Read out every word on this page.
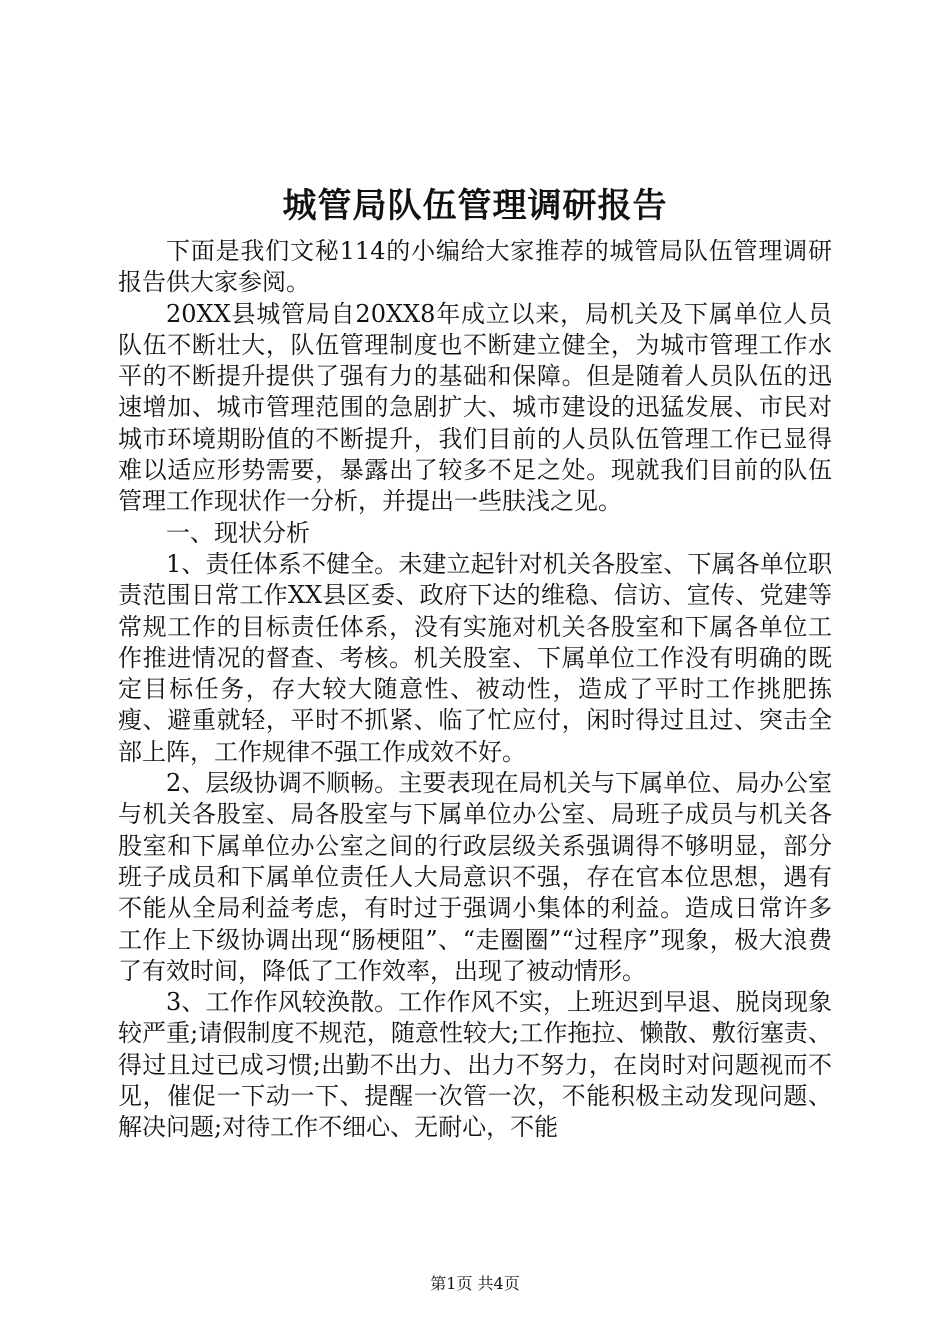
城管局队伍管理调研报告

下面是我们文秘114的小编给大家推荐的城管局队伍管理调研报告供大家参阅。

20XX县城管局自20XX8年成立以来，局机关及下属单位人员队伍不断壮大，队伍管理制度也不断建立健全，为城市管理工作水平的不断提升提供了强有力的基础和保障。但是随着人员队伍的迅速增加、城市管理范围的急剧扩大、城市建设的迅猛发展、市民对城市环境期盼值的不断提升，我们目前的人员队伍管理工作已显得难以适应形势需要，暴露出了较多不足之处。现就我们目前的队伍管理工作现状作一分析，并提出一些肤浅之见。

一、现状分析

1、责任体系不健全。未建立起针对机关各股室、下属各单位职责范围日常工作XX县区委、政府下达的维稳、信访、宣传、党建等常规工作的目标责任体系，没有实施对机关各股室和下属各单位工作推进情况的督查、考核。机关股室、下属单位工作没有明确的既定目标任务，存大较大随意性、被动性，造成了平时工作挑肥拣瘦、避重就轻，平时不抓紧、临了忙应付，闲时得过且过、突击全部上阵，工作规律不强工作成效不好。

2、层级协调不顺畅。主要表现在局机关与下属单位、局办公室与机关各股室、局各股室与下属单位办公室、局班子成员与机关各股室和下属单位办公室之间的行政层级关系强调得不够明显，部分班子成员和下属单位责任人大局意识不强，存在官本位思想，遇有不能从全局利益考虑，有时过于强调小集体的利益。造成日常许多工作上下级协调出现“肠梗阻”、“走圈圈”“过程序”现象，极大浪费了有效时间，降低了工作效率，出现了被动情形。

3、工作作风较涣散。工作作风不实，上班迟到早退、脱岗现象较严重;请假制度不规范，随意性较大;工作拖拉、懒散、敷衍塞责、得过且过已成习惯;出勤不出力、出力不努力，在岗时对问题视而不见，催促一下动一下、提醒一次管一次，不能积极主动发现问题、解决问题;对待工作不细心、无耐心，不能

第1页 共4页
